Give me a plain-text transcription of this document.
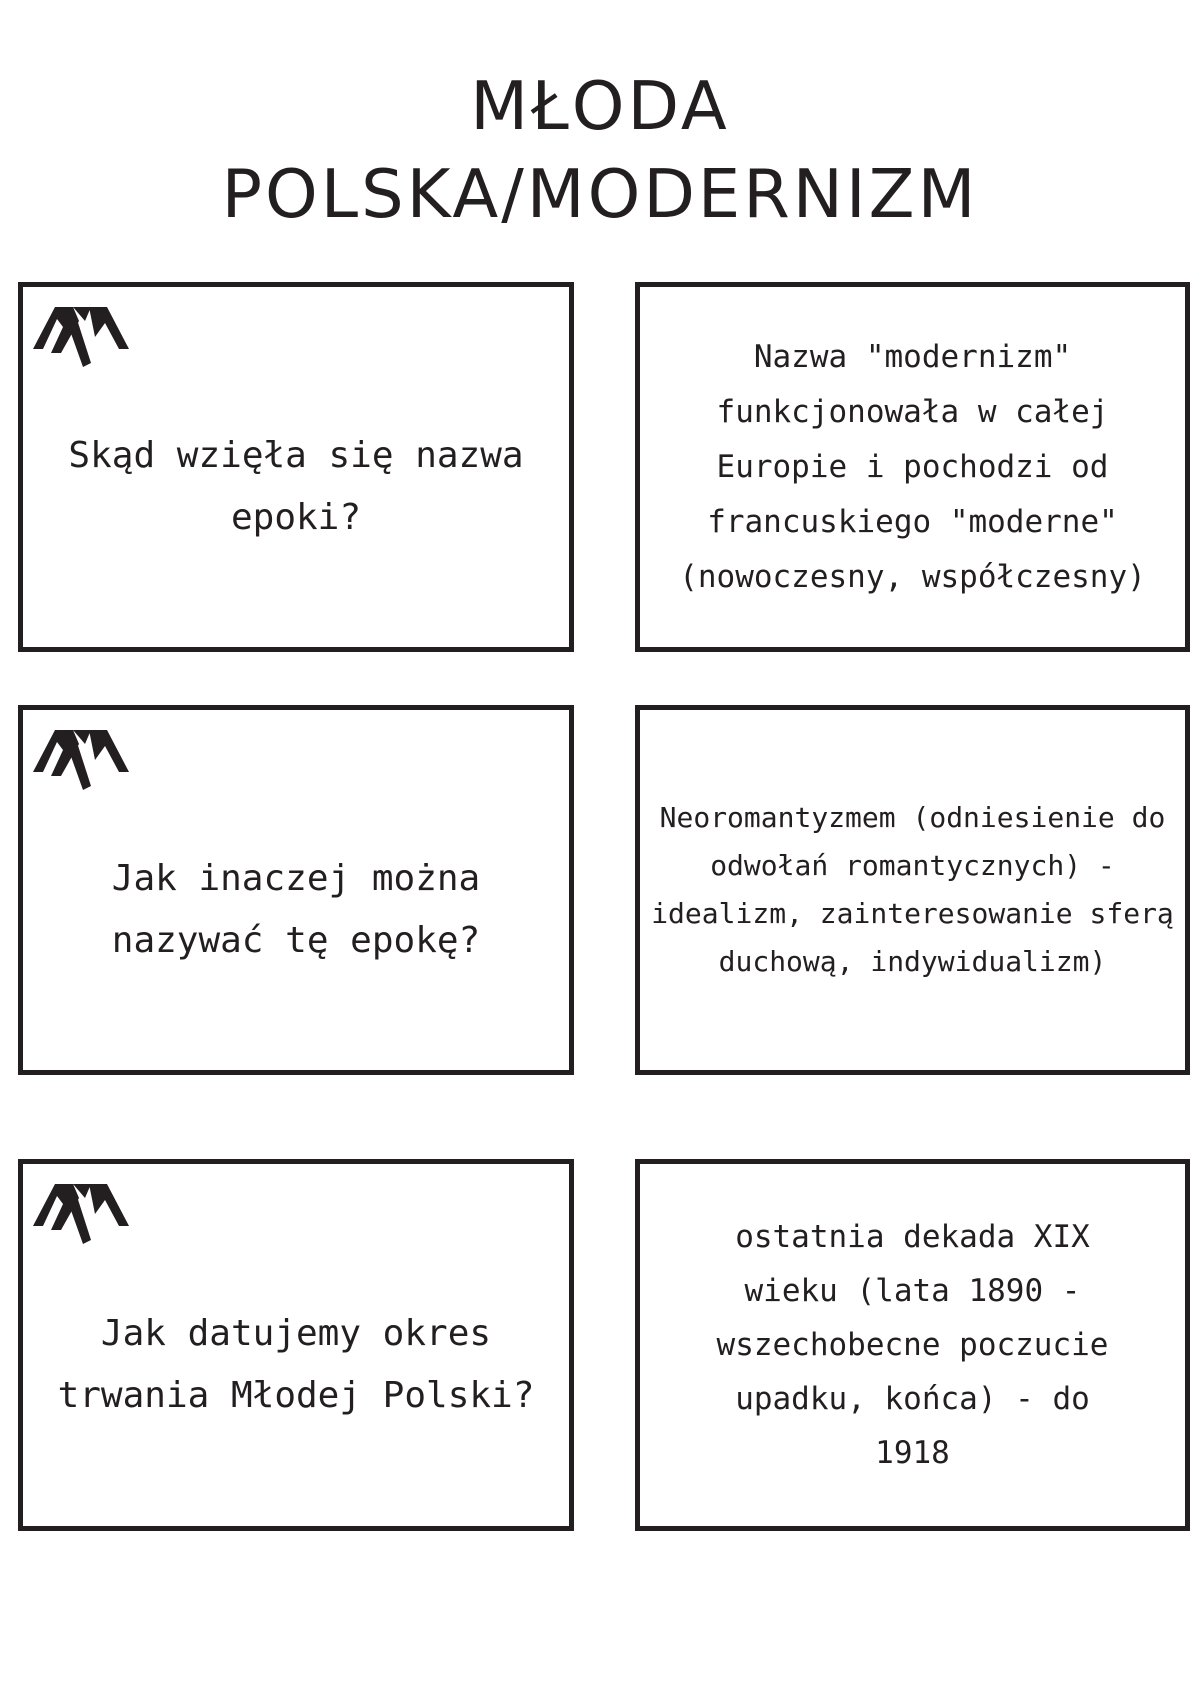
MŁODA
POLSKA/MODERNIZM
Skąd wzięła się nazwa epoki?
Nazwa "modernizm" funkcjonowała w całej Europie i pochodzi od francuskiego "moderne" (nowoczesny, współczesny)
Jak inaczej można nazywać tę epokę?
Neoromantyzmem (odniesienie do odwołań romantycznych) - idealizm, zainteresowanie sferą duchową, indywidualizm)
Jak datujemy okres trwania Młodej Polski?
ostatnia dekada XIX wieku (lata 1890 - wszechobecne poczucie upadku, końca) - do 1918
